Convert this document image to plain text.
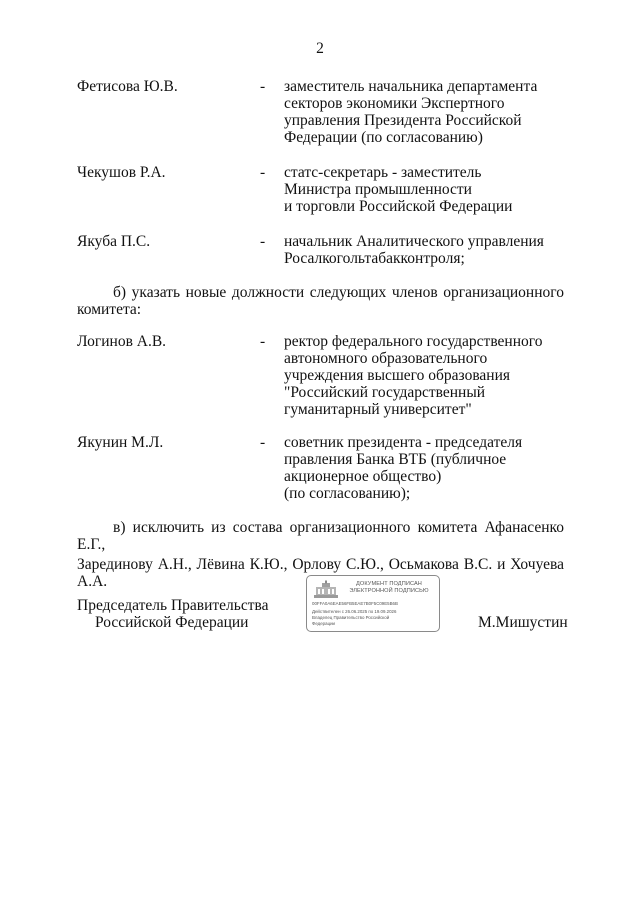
2
Фетисова Ю.В.	- заместитель начальника департамента
секторов экономики Экспертного
управления Президента Российской
Федерации (по согласованию)
Чекушов Р.А.	- статс-секретарь - заместитель
Министра промышленности
и торговли Российской Федерации
Якуба П.С.	- начальник Аналитического управления
Росалкогольтабакконтроля;
б) указать новые должности следующих членов организационного
комитета:
Логинов А.В.	- ректор федерального государственного
автономного образовательного
учреждения высшего образования
"Российский государственный
гуманитарный университет"
Якунин М.Л.	- советник президента - председателя
правления Банка ВТБ (публичное
акционерное общество)
(по согласованию);
в) исключить из состава организационного комитета Афанасенко Е.Г.,
Зарединову А.Н., Лёвина К.Ю., Орлову С.Ю., Осьмакова В.С. и Хочуева А.А.
Председатель Правительства
Российской Федерации
ДОКУМЕНТ ПОДПИСАН
ЭЛЕКТРОННОЙ ПОДПИСЬЮ
00FFA0A6EAE56FB5EAE7B0F5C09E5B6B
Действителен с 26.06.2025 по 19.09.2026
Владелец Правительство Российской
Федерации	М.Мишустин
